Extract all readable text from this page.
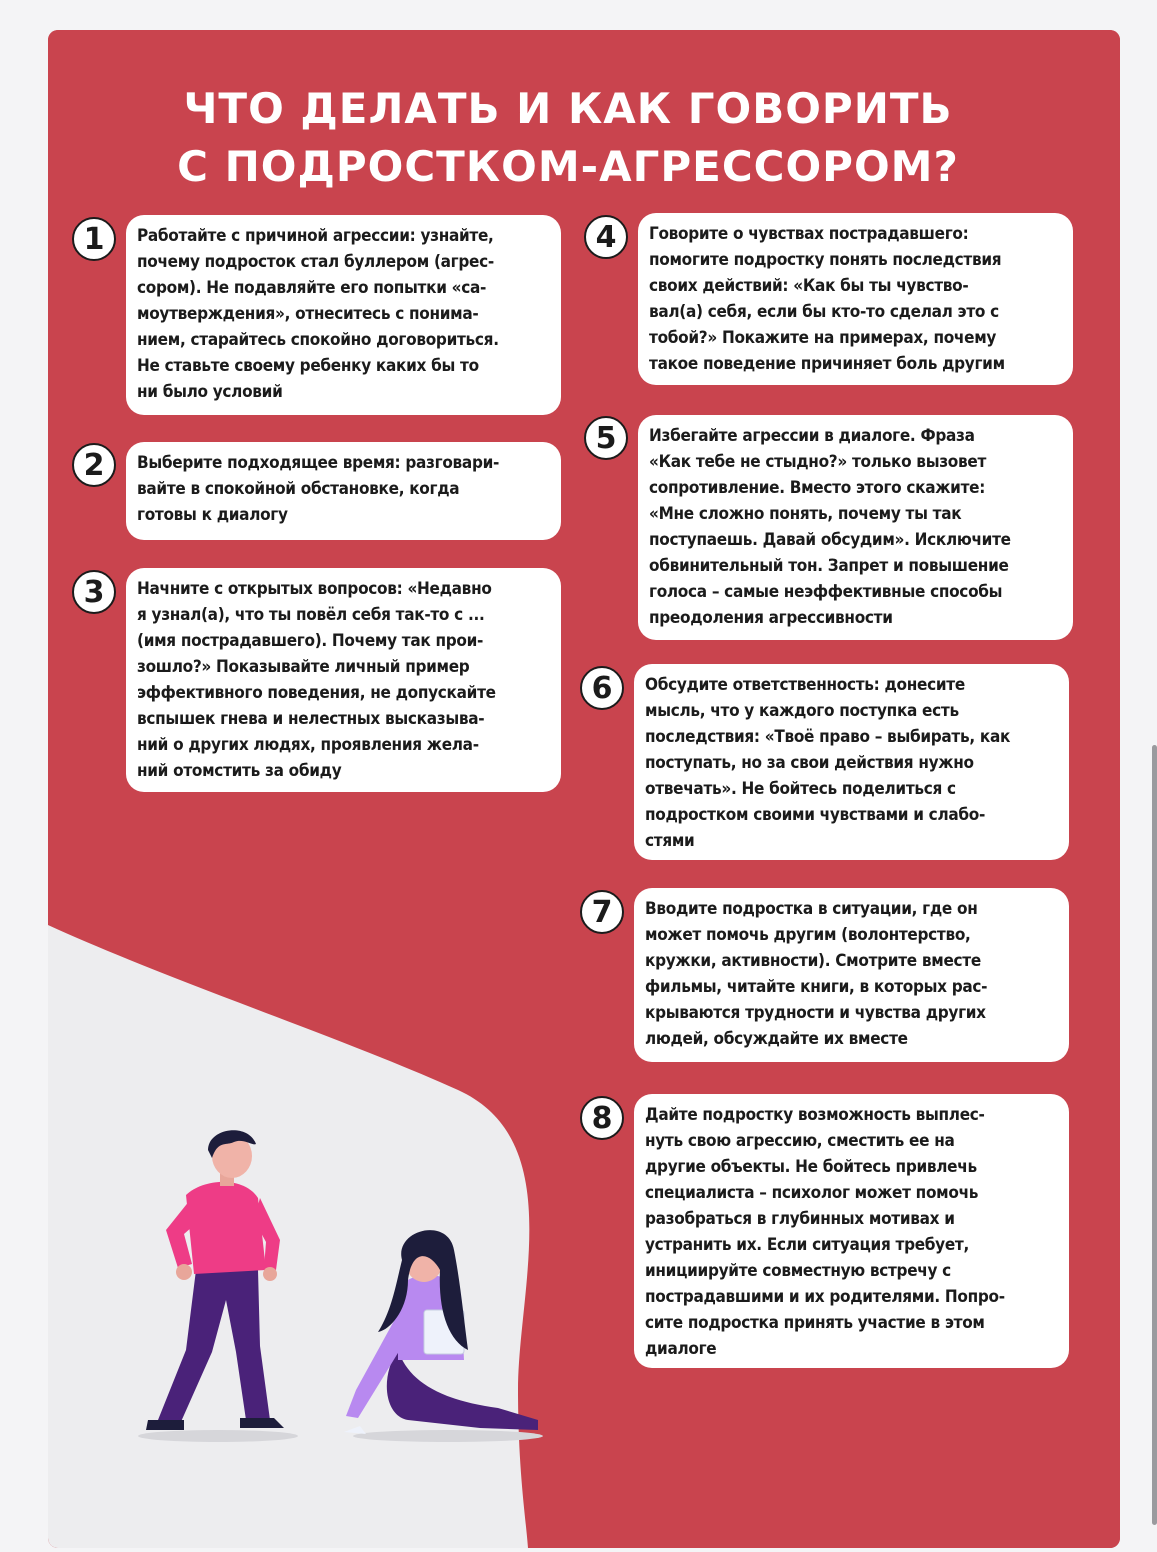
ЧТО ДЕЛАТЬ И КАК ГОВОРИТЬ
С ПОДРОСТКОМ-АГРЕССОРОМ?
1	Работайте с причиной агрессии: узнайте,
почему подросток стал буллером (агрес-
сором). Не подавляйте его попытки «са-
моутверждения», отнеситесь с понима-
нием, старайтесь спокойно договориться.
Не ставьте своему ребенку каких бы то
ни было условий
2	Выберите подходящее время: разговари-
вайте в спокойной обстановке, когда
готовы к диалогу
3	Начните с открытых вопросов: «Недавно
я узнал(а), что ты повёл себя так-то с ...
(имя пострадавшего). Почему так прои-
зошло?» Показывайте личный пример
эффективного поведения, не допускайте
вспышек гнева и нелестных высказыва-
ний о других людях, проявления жела-
ний отомстить за обиду
4	Говорите о чувствах пострадавшего:
помогите подростку понять последствия
своих действий: «Как бы ты чувство-
вал(а) себя, если бы кто-то сделал это с
тобой?» Покажите на примерах, почему
такое поведение причиняет боль другим
5	Избегайте агрессии в диалоге. Фраза
«Как тебе не стыдно?» только вызовет
сопротивление. Вместо этого скажите:
«Мне сложно понять, почему ты так
поступаешь. Давай обсудим». Исключите
обвинительный тон. Запрет и повышение
голоса – самые неэффективные способы
преодоления агрессивности
6	Обсудите ответственность: донесите
мысль, что у каждого поступка есть
последствия: «Твоё право – выбирать, как
поступать, но за свои действия нужно
отвечать». Не бойтесь поделиться с
подростком своими чувствами и слабо-
стями
7	Вводите подростка в ситуации, где он
может помочь другим (волонтерство,
кружки, активности). Смотрите вместе
фильмы, читайте книги, в которых рас-
крываются трудности и чувства других
людей, обсуждайте их вместе
8	Дайте подростку возможность выплес-
нуть свою агрессию, сместить ее на
другие объекты. Не бойтесь привлечь
специалиста – психолог может помочь
разобраться в глубинных мотивах и
устранить их. Если ситуация требует,
инициируйте совместную встречу с
пострадавшими и их родителями. Попро-
сите подростка принять участие в этом
диалоге
